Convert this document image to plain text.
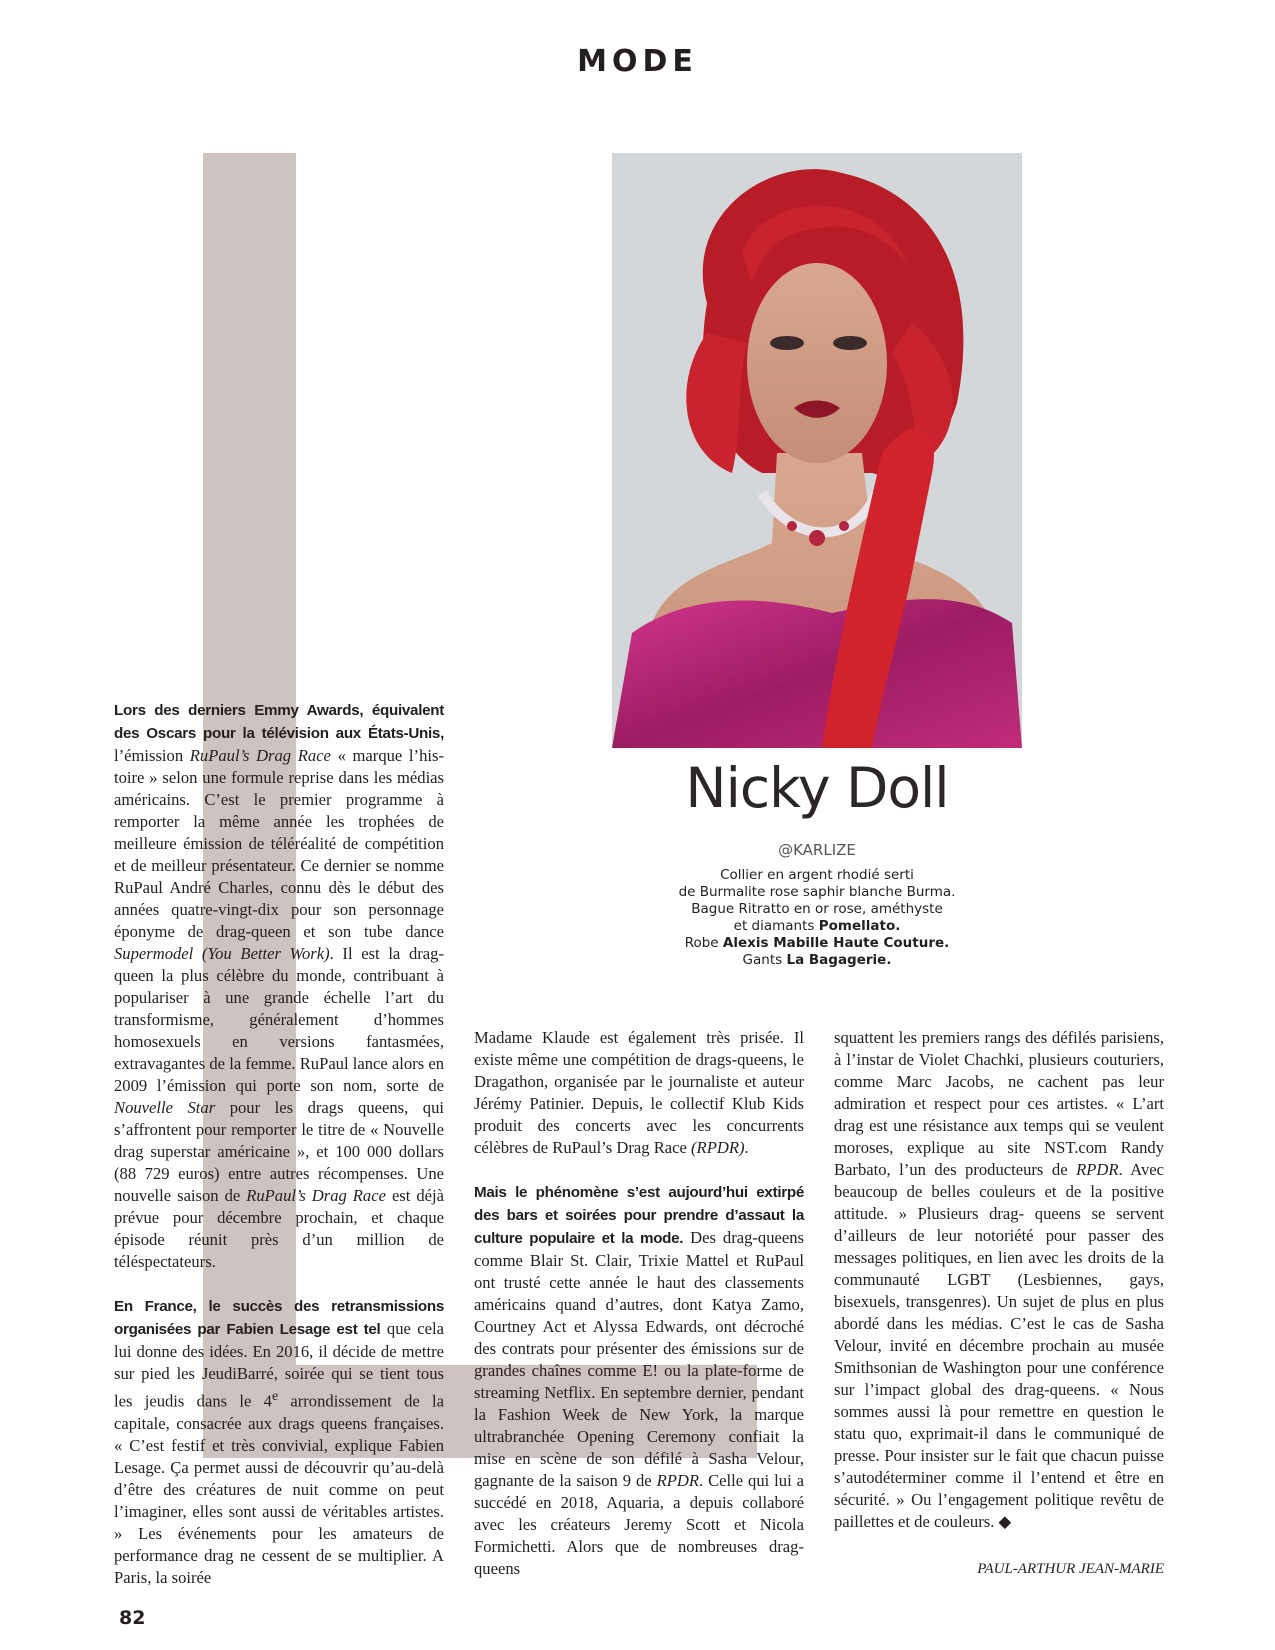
MODE
Nicky Doll
@KARLIZE
Collier en argent rhodié serti
de Burmalite rose saphir blanche Burma.
Bague Ritratto en or rose, améthyste
et diamants Pomellato.
Robe Alexis Mabille Haute Couture.
Gants La Bagagerie.

Lors des derniers Emmy Awards, équivalent des Oscars pour la télévision aux États-Unis, l’émission RuPaul’s Drag Race « marque l’histoire » selon une formule reprise dans les médias américains. C’est le premier programme à remporter la même année les trophées de meilleure émission de téléréalité de compétition et de meilleur présentateur. Ce dernier se nomme RuPaul André Charles, connu dès le début des années quatre-vingt-dix pour son personnage éponyme de drag-queen et son tube dance Supermodel (You Better Work). Il est la drag-queen la plus célèbre du monde, contribuant à populariser à une grande échelle l’art du transformisme, généralement d’hommes homosexuels en versions fantasmées, extravagantes de la femme. RuPaul lance alors en 2009 l’émission qui porte son nom, sorte de Nouvelle Star pour les drags queens, qui s’affrontent pour remporter le titre de « Nouvelle drag superstar américaine », et 100 000 dollars (88 729 euros) entre autres récompenses. Une nouvelle saison de RuPaul’s Drag Race est déjà prévue pour décembre prochain, et chaque épisode réunit près d’un million de téléspectateurs.

En France, le succès des retransmissions organisées par Fabien Lesage est tel que cela lui donne des idées. En 2016, il décide de mettre sur pied les JeudiBarré, soirée qui se tient tous les jeudis dans le 4e arrondissement de la capitale, consacrée aux drags queens françaises. « C’est festif et très convivial, explique Fabien Lesage. Ça permet aussi de découvrir qu’au-delà d’être des créatures de nuit comme on peut l’imaginer, elles sont aussi de véritables artistes. » Les événements pour les amateurs de performance drag ne cessent de se multiplier. A Paris, la soirée

Madame Klaude est également très prisée. Il existe même une compétition de drags-queens, le Dragathon, organisée par le journaliste et auteur Jérémy Patinier. Depuis, le collectif Klub Kids produit des concerts avec les concurrents célèbres de RuPaul’s Drag Race (RPDR).

Mais le phénomène s’est aujourd’hui extirpé des bars et soirées pour prendre d’assaut la culture populaire et la mode. Des drag-queens comme Blair St. Clair, Trixie Mattel et RuPaul ont trusté cette année le haut des classements américains quand d’autres, dont Katya Zamo, Courtney Act et Alyssa Edwards, ont décroché des contrats pour présenter des émissions sur de grandes chaînes comme E! ou la plate-forme de streaming Netflix. En septembre dernier, pendant la Fashion Week de New York, la marque ultrabranchée Opening Ceremony confiait la mise en scène de son défilé à Sasha Velour, gagnante de la saison 9 de RPDR. Celle qui lui a succédé en 2018, Aquaria, a depuis collaboré avec les créateurs Jeremy Scott et Nicola Formichetti. Alors que de nombreuses drag-queens

squattent les premiers rangs des défilés parisiens, à l’instar de Violet Chachki, plusieurs couturiers, comme Marc Jacobs, ne cachent pas leur admiration et respect pour ces artistes. « L’art drag est une résistance aux temps qui se veulent moroses, explique au site NST.com Randy Barbato, l’un des producteurs de RPDR. Avec beaucoup de belles couleurs et de la positive attitude. » Plusieurs drag- queens se servent d’ailleurs de leur notoriété pour passer des messages politiques, en lien avec les droits de la communauté LGBT (Lesbiennes, gays, bisexuels, transgenres). Un sujet de plus en plus abordé dans les médias. C’est le cas de Sasha Velour, invité en décembre prochain au musée Smithsonian de Washington pour une conférence sur l’impact global des drag-queens. « Nous sommes aussi là pour remettre en question le statu quo, exprimait-il dans le communiqué de presse. Pour insister sur le fait que chacun puisse s’autodéterminer comme il l’entend et être en sécurité. » Ou l’engagement politique revêtu de paillettes et de couleurs. ◆

PAUL-ARTHUR JEAN-MARIE
82
